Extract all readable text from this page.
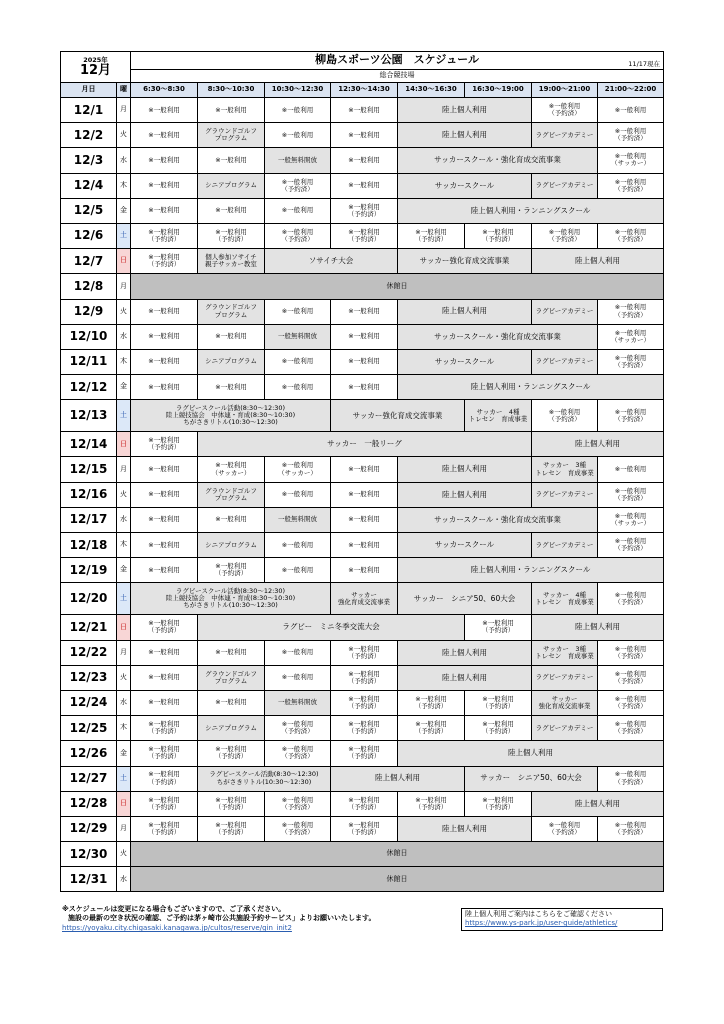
2025年
12月		柳島スポーツ公園　スケジュール 11/17現在							

		総合競技場							
月日	曜	6:30〜8:30	8:30〜10:30	10:30〜12:30	12:30〜14:30	14:30〜16:30	16:30〜19:00	19:00〜21:00	21:00〜22:00
12/1	月	※一般利用	※一般利用	※一般利用	※一般利用	陸上個人利用		※一般利用
（予約済）	※一般利用
12/2	火	※一般利用	グラウンドゴルフ
プログラム	※一般利用	※一般利用	陸上個人利用		ラグビーアカデミー	※一般利用
（予約済）
12/3	水	※一般利用	※一般利用	一般無料開放	※一般利用	サッカースクール・強化育成交流事業			※一般利用
（サッカー）
12/4	木	※一般利用	シニアプログラム	※一般利用
（予約済）	※一般利用	サッカースクール		ラグビーアカデミー	※一般利用
（予約済）
12/5	金	※一般利用	※一般利用	※一般利用	※一般利用
（予約済）	陸上個人利用・ランニングスクール			
12/6	土	※一般利用
（予約済）	※一般利用
（予約済）	※一般利用
（予約済）	※一般利用
（予約済）	※一般利用
（予約済）	※一般利用
（予約済）	※一般利用
（予約済）	※一般利用
（予約済）
12/7	日	※一般利用
（予約済）	個人参加ソサイチ
親子サッカー教室	ソサイチ大会		サッカー強化育成交流事業		陸上個人利用	
12/8	月	休館日							
12/9	火	※一般利用	グラウンドゴルフ
プログラム	※一般利用	※一般利用	陸上個人利用		ラグビーアカデミー	※一般利用
（予約済）
12/10	水	※一般利用	※一般利用	一般無料開放	※一般利用	サッカースクール・強化育成交流事業			※一般利用
（サッカー）
12/11	木	※一般利用	シニアプログラム	※一般利用	※一般利用	サッカースクール		ラグビーアカデミー	※一般利用
（予約済）
12/12	金	※一般利用	※一般利用	※一般利用	※一般利用	陸上個人利用・ランニングスクール			
12/13	土	ラグビースクール活動(8:30〜12:30)
陸上競技協会　中体連・育成(8:30〜10:30)
ちがさきリトル(10:30〜12:30)			サッカー強化育成交流事業		サッカー　4種
トレセン　育成事業	※一般利用
（予約済）	※一般利用
（予約済）
12/14	日	※一般利用
（予約済）	サッカー　一般リーグ					陸上個人利用	
12/15	月	※一般利用	※一般利用
（サッカー）	※一般利用
（サッカー）	※一般利用	陸上個人利用		サッカー　3種
トレセン　育成事業	※一般利用
12/16	火	※一般利用	グラウンドゴルフ
プログラム	※一般利用	※一般利用	陸上個人利用		ラグビーアカデミー	※一般利用
（予約済）
12/17	水	※一般利用	※一般利用	一般無料開放	※一般利用	サッカースクール・強化育成交流事業			※一般利用
（サッカー）
12/18	木	※一般利用	シニアプログラム	※一般利用	※一般利用	サッカースクール		ラグビーアカデミー	※一般利用
（予約済）
12/19	金	※一般利用	※一般利用
（予約済）	※一般利用	※一般利用	陸上個人利用・ランニングスクール			
12/20	土	ラグビースクール活動(8:30〜12:30)
陸上競技協会　中体連・育成(8:30〜10:30)
ちがさきリトル(10:30〜12:30)			サッカー
強化育成交流事業	サッカー　シニア50、60大会		サッカー　4種
トレセン　育成事業	※一般利用
（予約済）
12/21	日	※一般利用
（予約済）	ラグビー　ミニ冬季交流大会				※一般利用
（予約済）	陸上個人利用	
12/22	月	※一般利用	※一般利用	※一般利用	※一般利用
（予約済）	陸上個人利用		サッカー　3種
トレセン　育成事業	※一般利用
（予約済）
12/23	火	※一般利用	グラウンドゴルフ
プログラム	※一般利用	※一般利用
（予約済）	陸上個人利用		ラグビーアカデミー	※一般利用
（予約済）
12/24	水	※一般利用	※一般利用	一般無料開放	※一般利用
（予約済）	※一般利用
（予約済）	※一般利用
（予約済）	サッカー
強化育成交流事業	※一般利用
（予約済）
12/25	木	※一般利用
（予約済）	シニアプログラム	※一般利用
（予約済）	※一般利用
（予約済）	※一般利用
（予約済）	※一般利用
（予約済）	ラグビーアカデミー	※一般利用
（予約済）
12/26	金	※一般利用
（予約済）	※一般利用
（予約済）	※一般利用
（予約済）	※一般利用
（予約済）	陸上個人利用			
12/27	土	※一般利用
（予約済）	ラグビースクール活動(8:30〜12:30)
ちがさきリトル(10:30〜12:30)		陸上個人利用		サッカー　シニア50、60大会		※一般利用
（予約済）
12/28	日	※一般利用
（予約済）	※一般利用
（予約済）	※一般利用
（予約済）	※一般利用
（予約済）	※一般利用
（予約済）	※一般利用
（予約済）	陸上個人利用	
12/29	月	※一般利用
（予約済）	※一般利用
（予約済）	※一般利用
（予約済）	※一般利用
（予約済）	陸上個人利用		※一般利用
（予約済）	※一般利用
（予約済）
12/30	火	休館日							
12/31	水	休館日							
※スケジュールは変更になる場合もございますので、ご了承ください。
施設の最新の空き状況の確認、ご予約は茅ヶ崎市公共施設予約サービス」よりお願いいたします。
https://yoyaku.city.chigasaki.kanagawa.jp/cultos/reserve/gin_init2
陸上個人利用ご案内はこちらをご確認ください
https://www.ys-park.jp/user-guide/athletics/
